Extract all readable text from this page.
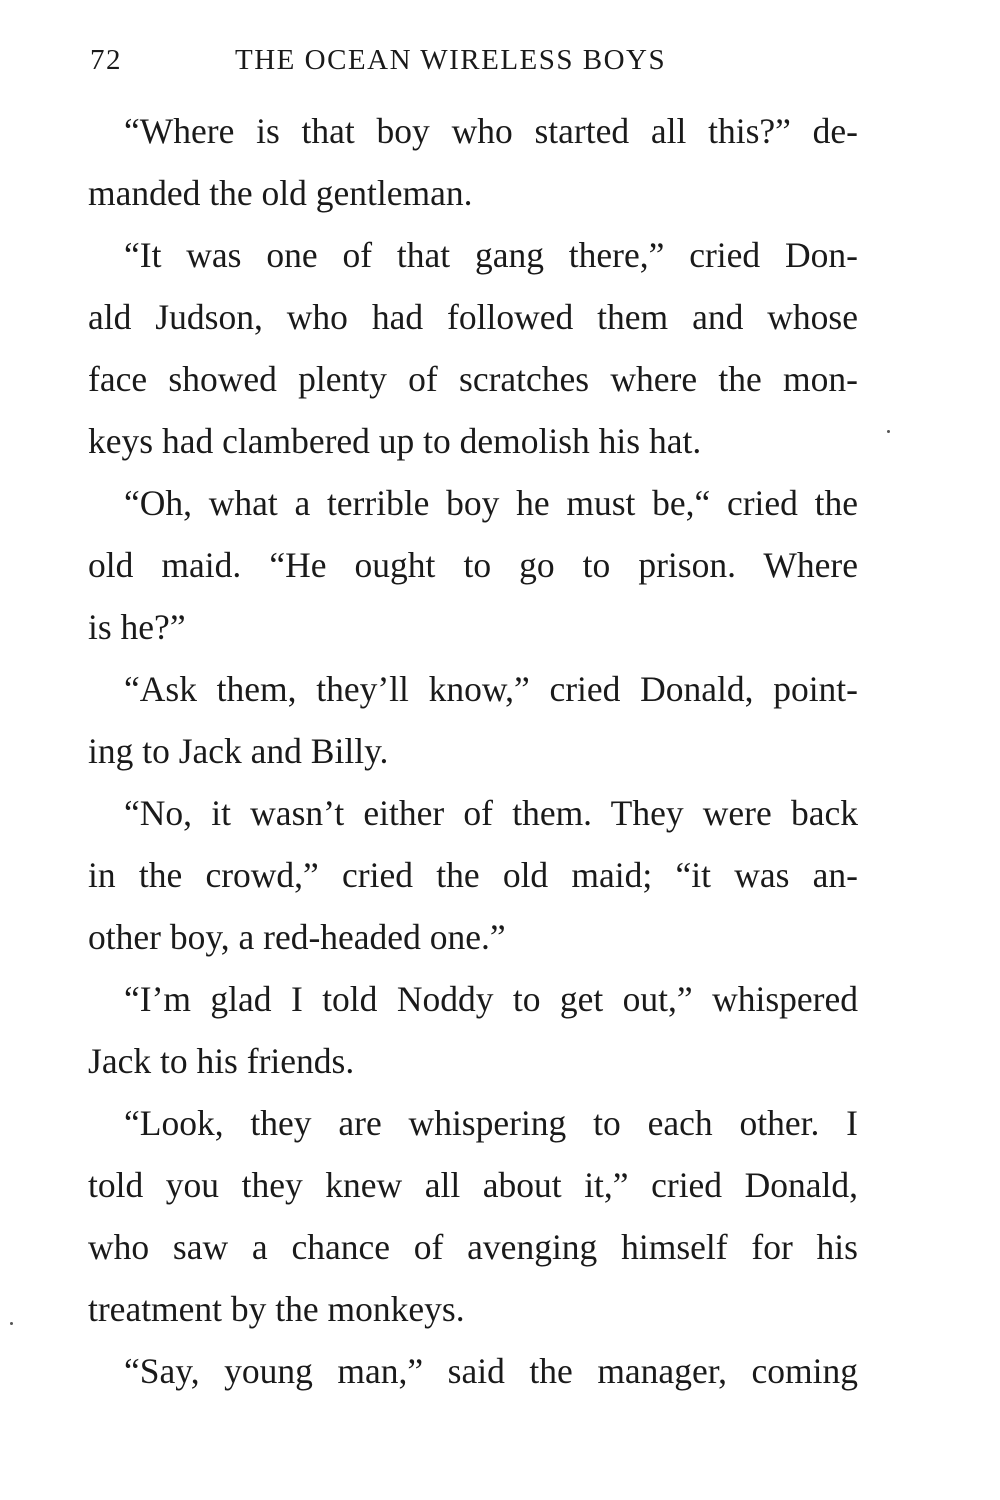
72	THE OCEAN WIRELESS BOYS
“Where is that boy who started all this?” de-
manded the old gentleman.
“It was one of that gang there,” cried Don-
ald Judson, who had followed them and whose
face showed plenty of scratches where the mon-
keys had clambered up to demolish his hat.
“Oh, what a terrible boy he must be,“ cried the
old maid. “He ought to go to prison. Where
is he?”
“Ask them, they’ll know,” cried Donald, point-
ing to Jack and Billy.
“No, it wasn’t either of them. They were back
in the crowd,” cried the old maid; “it was an-
other boy, a red-headed one.”
“I’m glad I told Noddy to get out,” whispered
Jack to his friends.
“Look, they are whispering to each other. I
told you they knew all about it,” cried Donald,
who saw a chance of avenging himself for his
treatment by the monkeys.
“Say, young man,” said the manager, coming
